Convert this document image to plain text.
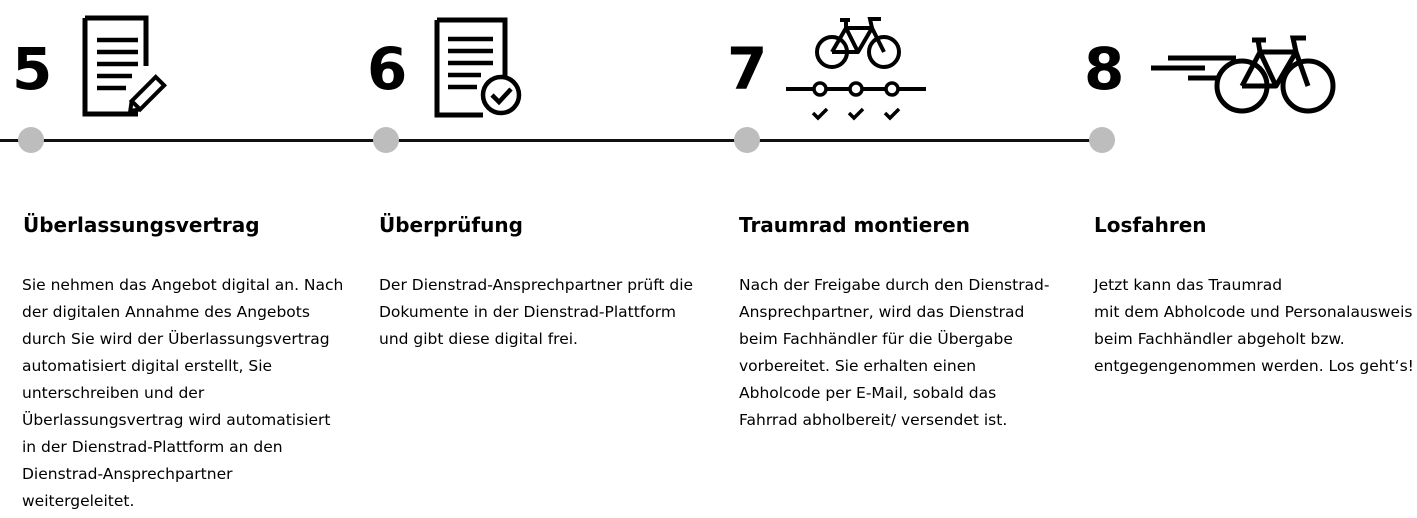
5	6	7	8
Überlassungsvertrag	Überprüfung	Traumrad montieren	Losfahren
Sie nehmen das Angebot digital an. Nach
der digitalen Annahme des Angebots
durch Sie wird der Überlassungsvertrag
automatisiert digital erstellt, Sie
unterschreiben und der
Überlassungsvertrag wird automatisiert
in der Dienstrad-Plattform an den
Dienstrad-Ansprechpartner
weitergeleitet.
Der Dienstrad-Ansprechpartner prüft die
Dokumente in der Dienstrad-Plattform
und gibt diese digital frei.
Nach der Freigabe durch den Dienstrad-
Ansprechpartner, wird das Dienstrad
beim Fachhändler für die Übergabe
vorbereitet. Sie erhalten einen
Abholcode per E-Mail, sobald das
Fahrrad abholbereit/ versendet ist.
Jetzt kann das Traumrad
mit dem Abholcode und Personalausweis
beim Fachhändler abgeholt bzw.
entgegengenommen werden. Los geht‘s!
